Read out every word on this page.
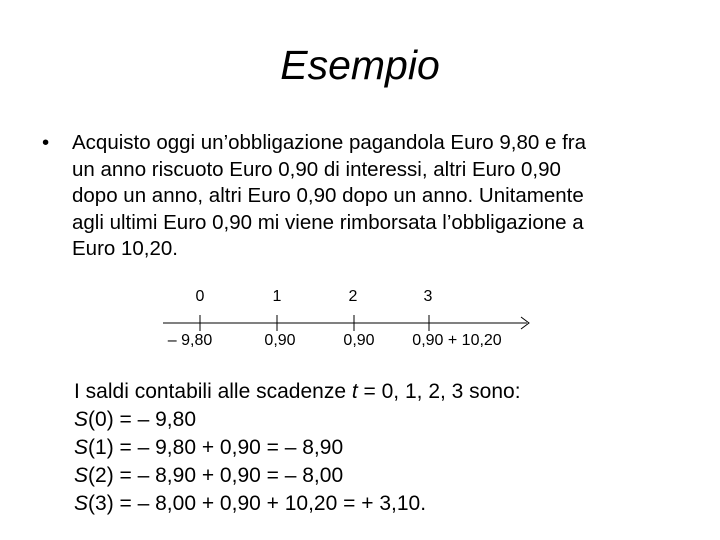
Esempio
• Acquisto oggi un’obbligazione pagandola Euro 9,80 e fra
un anno riscuoto Euro 0,90 di interessi, altri Euro 0,90
dopo un anno, altri Euro 0,90 dopo un anno. Unitamente
agli ultimi Euro 0,90 mi viene rimborsata l’obbligazione a
Euro 10,20.
0	1	2	3
– 9,80	0,90	0,90 0,90 + 10,20
I saldi contabili alle scadenze t = 0, 1, 2, 3 sono:
S(0) = – 9,80
S(1) = – 9,80 + 0,90 = – 8,90
S(2) = – 8,90 + 0,90 = – 8,00
S(3) = – 8,00 + 0,90 + 10,20 = + 3,10.
